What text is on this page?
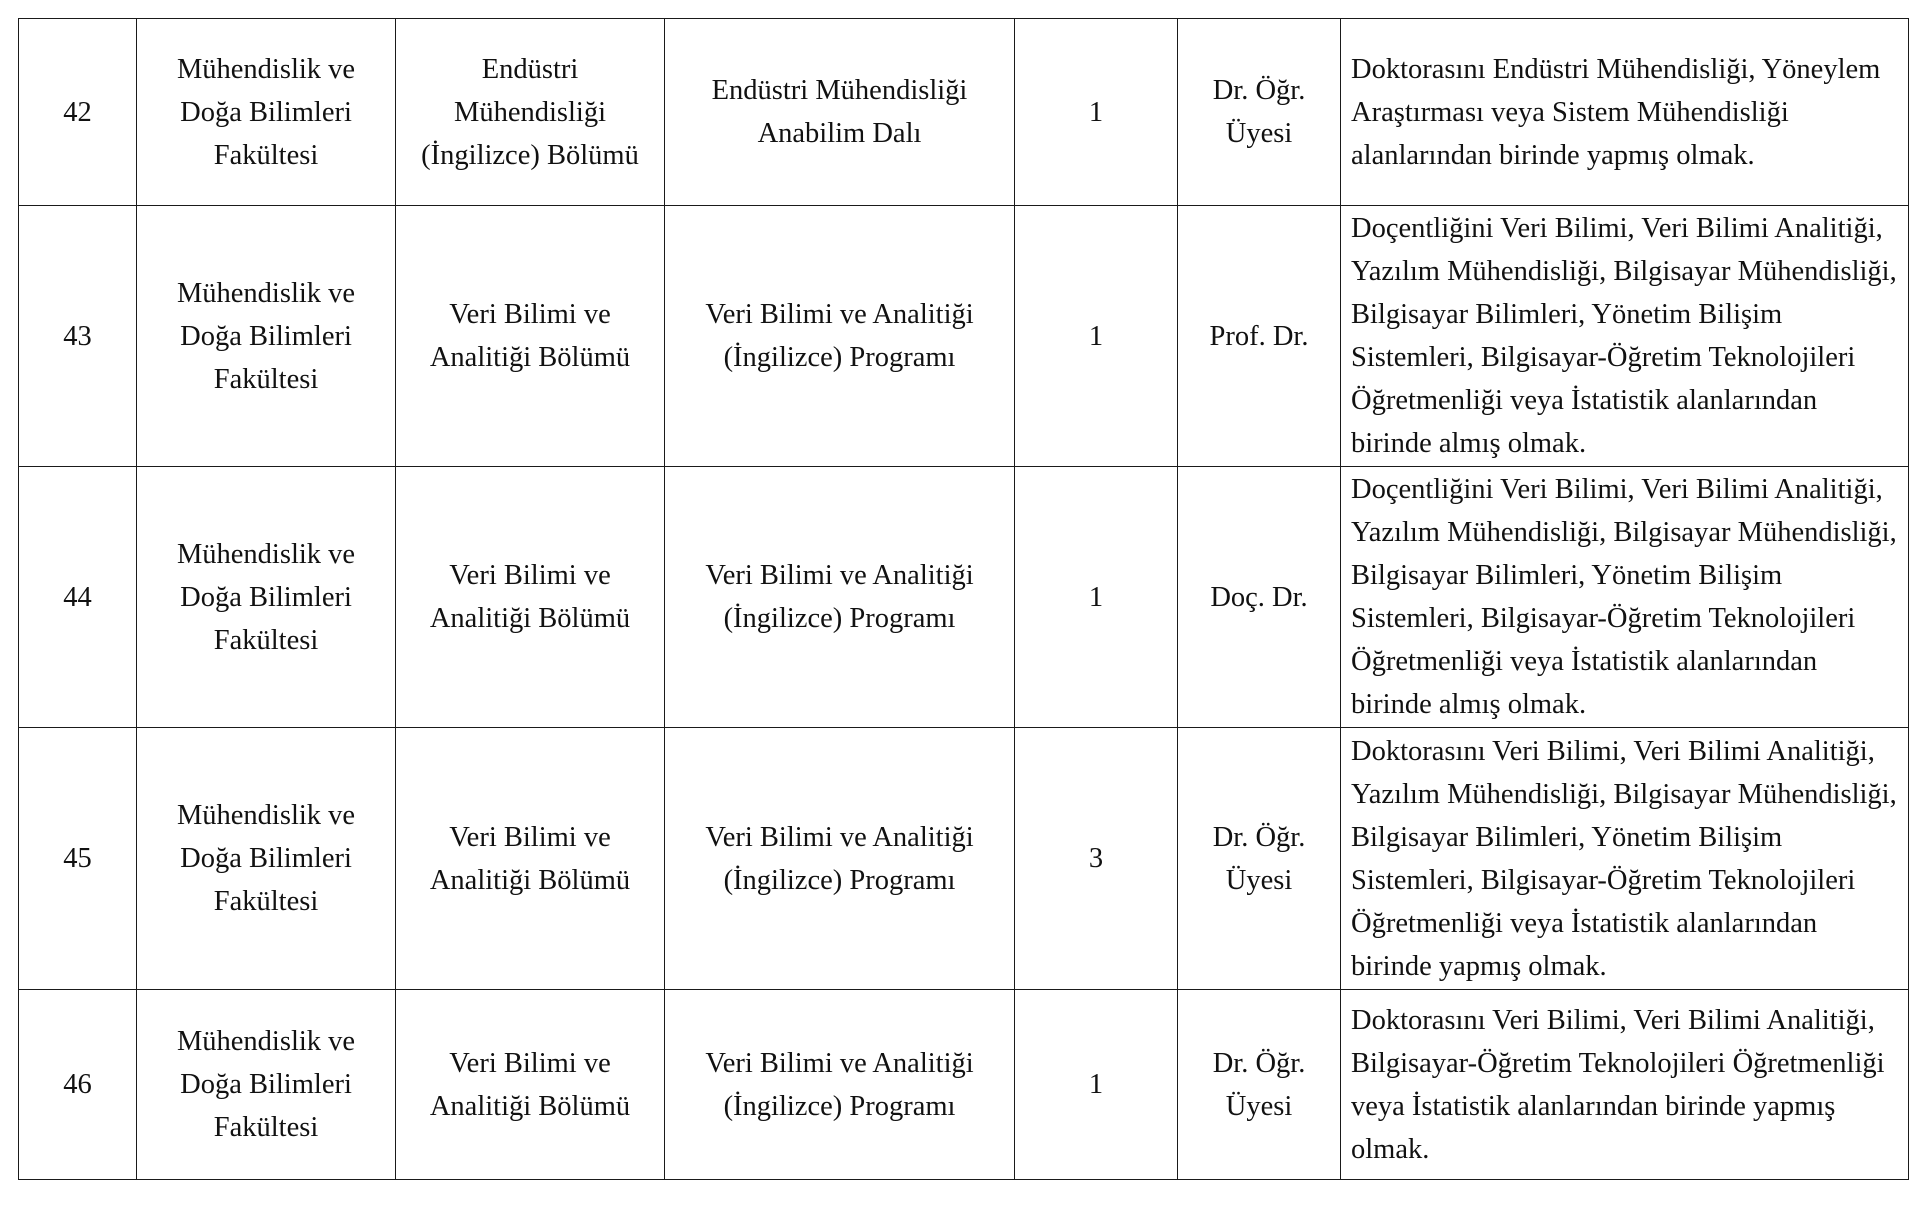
42	Mühendislik ve Doğa Bilimleri Fakültesi	Endüstri Mühendisliği (İngilizce) Bölümü	Endüstri Mühendisliği Anabilim Dalı	1	Dr. Öğr. Üyesi	Doktorasını Endüstri Mühendisliği, Yöneylem Araştırması veya Sistem Mühendisliği alanlarından birinde yapmış olmak.
43	Mühendislik ve Doğa Bilimleri Fakültesi	Veri Bilimi ve Analitiği Bölümü	Veri Bilimi ve Analitiği (İngilizce) Programı	1	Prof. Dr.	Doçentliğini Veri Bilimi, Veri Bilimi Analitiği, Yazılım Mühendisliği, Bilgisayar Mühendisliği, Bilgisayar Bilimleri, Yönetim Bilişim Sistemleri, Bilgisayar-Öğretim Teknolojileri Öğretmenliği veya İstatistik alanlarından birinde almış olmak.
44	Mühendislik ve Doğa Bilimleri Fakültesi	Veri Bilimi ve Analitiği Bölümü	Veri Bilimi ve Analitiği (İngilizce) Programı	1	Doç. Dr.	Doçentliğini Veri Bilimi, Veri Bilimi Analitiği, Yazılım Mühendisliği, Bilgisayar Mühendisliği, Bilgisayar Bilimleri, Yönetim Bilişim Sistemleri, Bilgisayar-Öğretim Teknolojileri Öğretmenliği veya İstatistik alanlarından birinde almış olmak.
45	Mühendislik ve Doğa Bilimleri Fakültesi	Veri Bilimi ve Analitiği Bölümü	Veri Bilimi ve Analitiği (İngilizce) Programı	3	Dr. Öğr. Üyesi	Doktorasını Veri Bilimi, Veri Bilimi Analitiği, Yazılım Mühendisliği, Bilgisayar Mühendisliği, Bilgisayar Bilimleri, Yönetim Bilişim Sistemleri, Bilgisayar-Öğretim Teknolojileri Öğretmenliği veya İstatistik alanlarından birinde yapmış olmak.
46	Mühendislik ve Doğa Bilimleri Fakültesi	Veri Bilimi ve Analitiği Bölümü	Veri Bilimi ve Analitiği (İngilizce) Programı	1	Dr. Öğr. Üyesi	Doktorasını Veri Bilimi, Veri Bilimi Analitiği, Bilgisayar-Öğretim Teknolojileri Öğretmenliği veya İstatistik alanlarından birinde yapmış olmak.
